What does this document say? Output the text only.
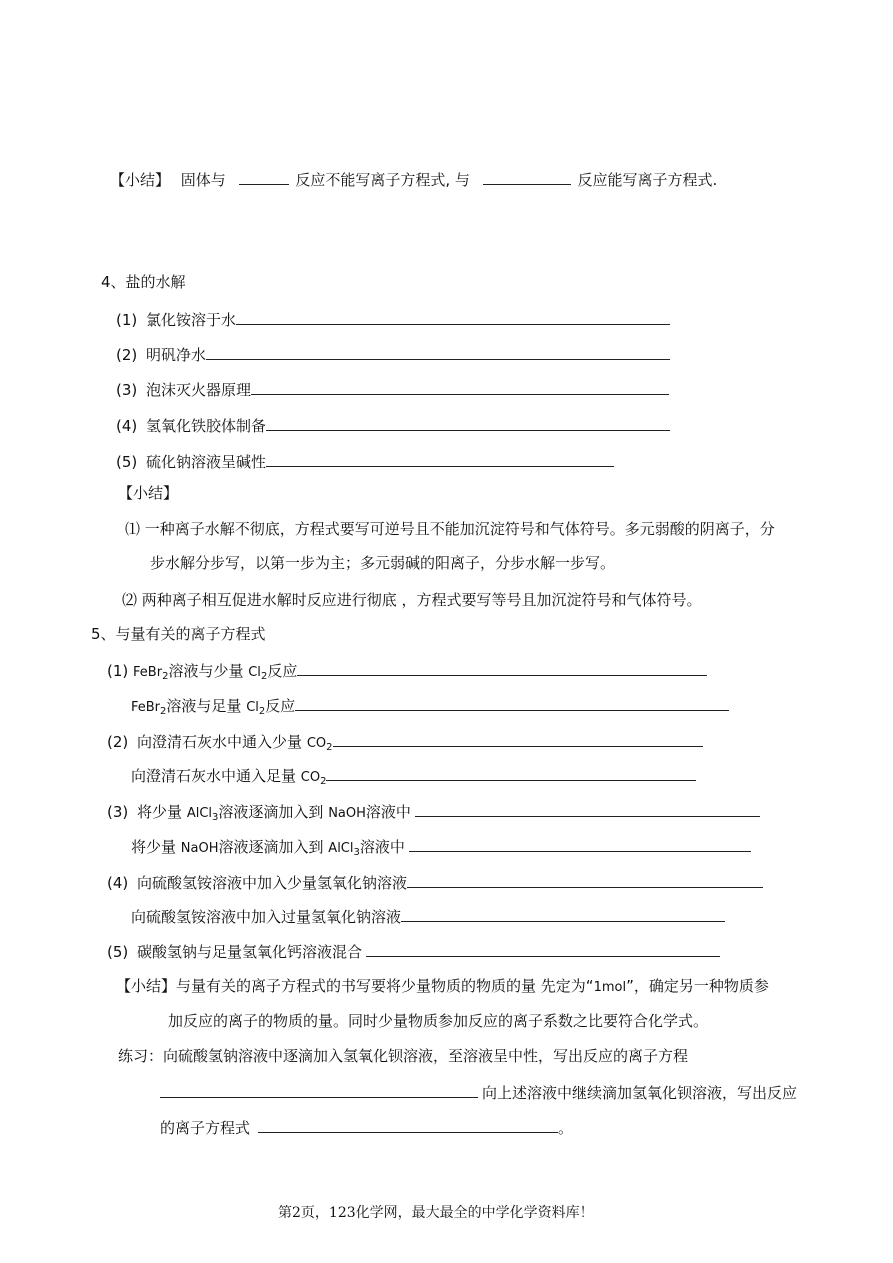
【小结】 固体与	反应不能写离子方程式, 与	反应能写离子方程式.
4、盐的水解
(1) 氯化铵溶于水
(2) 明矾净水
(3) 泡沫灭火器原理
(4) 氢氧化铁胶体制备
(5) 硫化钠溶液呈碱性
【小结】
⑴ 一种离子水解不彻底，方程式要写可逆号且不能加沉淀符号和气体符号。多元弱酸的阴离子，分
步水解分步写，以第一步为主；多元弱碱的阳离子，分步水解一步写。
⑵ 两种离子相互促进水解时反应进行彻底 ，方程式要写等号且加沉淀符号和气体符号。
5、与量有关的离子方程式
(1) FeBr$_2$溶液与少量 $Cl_2$反应
FeBr$_2$溶液与足量 $Cl_2$反应
(2) 向澄清石灰水中通入少量 $CO_2$
向澄清石灰水中通入足量 $CO_2$
(3) 将少量 AlCl$_3$溶液逐滴加入到 NaOH溶液中
将少量 NaOH溶液逐滴加入到 AlCl$_3$溶液中
(4) 向硫酸氢铵溶液中加入少量氢氧化钠溶液
向硫酸氢铵溶液中加入过量氢氧化钠溶液
(5) 碳酸氢钠与足量氢氧化钙溶液混合
【小结】与量有关的离子方程式的书写要将少量物质的物质的量 先定为“1mol”，确定另一种物质参
加反应的离子的物质的量。同时少量物质参加反应的离子系数之比要符合化学式。
练习：向硫酸氢钠溶液中逐滴加入氢氧化钡溶液，至溶液呈中性，写出反应的离子方程
向上述溶液中继续滴加氢氧化钡溶液，写出反应
的离子方程式	。
第2页，123化学网，最大最全的中学化学资料库！
